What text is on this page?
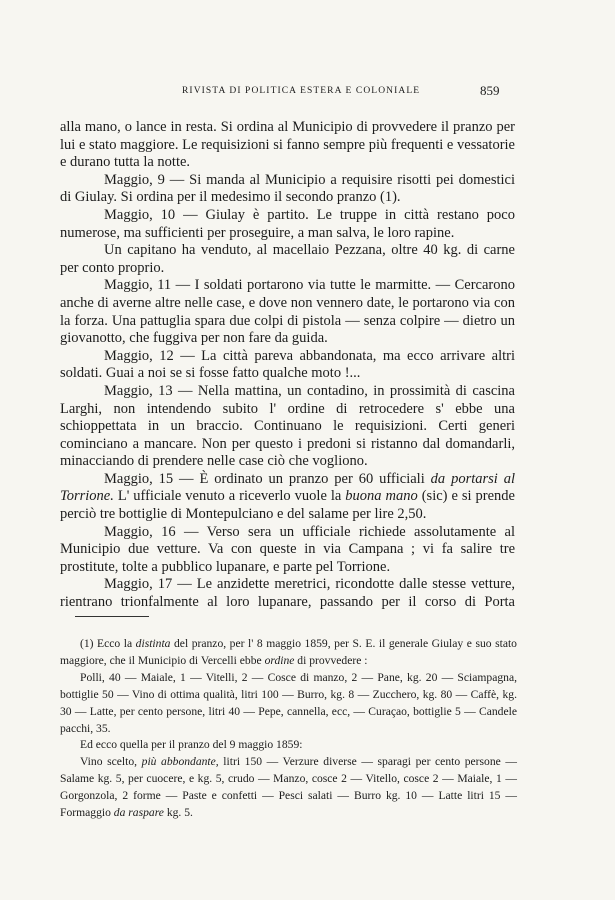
RIVISTA DI POLITICA ESTERA E COLONIALE	859

alla mano, o lance in resta. Si ordina al Municipio di provvedere il pranzo per lui e stato maggiore. Le requisizioni si fanno sempre più frequenti e vessatorie e durano tutta la notte.

Maggio, 9 — Si manda al Municipio a requisire risotti pei domestici di Giulay. Si ordina per il medesimo il secondo pranzo (1).

Maggio, 10 — Giulay è partito. Le truppe in città restano poco numerose, ma sufficienti per proseguire, a man salva, le loro rapine.

Un capitano ha venduto, al macellaio Pezzana, oltre 40 kg. di carne per conto proprio.

Maggio, 11 — I soldati portarono via tutte le marmitte. — Cercarono anche di averne altre nelle case, e dove non vennero date, le portarono via con la forza. Una pattuglia spara due colpi di pistola — senza colpire — dietro un giovanotto, che fuggiva per non fare da guida.

Maggio, 12 — La città pareva abbandonata, ma ecco arrivare altri soldati. Guai a noi se si fosse fatto qualche moto !...

Maggio, 13 — Nella mattina, un contadino, in prossimità di cascina Larghi, non intendendo subito l' ordine di retrocedere s' ebbe una schioppettata in un braccio. Continuano le requisizioni. Certi generi cominciano a mancare. Non per questo i predoni si ristanno dal domandarli, minacciando di prendere nelle case ciò che vogliono.

Maggio, 15 — È ordinato un pranzo per 60 ufficiali da portarsi al Torrione. L' ufficiale venuto a riceverlo vuole la buona mano (sic) e si prende perciò tre bottiglie di Montepulciano e del salame per lire 2,50.

Maggio, 16 — Verso sera un ufficiale richiede assolutamente al Municipio due vetture. Va con queste in via Campana ; vi fa salire tre prostitute, tolte a pubblico lupanare, e parte pel Torrione.

Maggio, 17 — Le anzidette meretrici, ricondotte dalle stesse vetture, rientrano trionfalmente al loro lupanare, passando per il corso di Porta

(1) Ecco la distinta del pranzo, per l' 8 maggio 1859, per S. E. il generale Giulay e suo stato maggiore, che il Municipio di Vercelli ebbe ordine di provvedere :

Polli, 40 — Maiale, 1 — Vitelli, 2 — Cosce di manzo, 2 — Pane, kg. 20 — Sciampagna, bottiglie 50 — Vino di ottima qualità, litri 100 — Burro, kg. 8 — Zucchero, kg. 80 — Caffè, kg. 30 — Latte, per cento persone, litri 40 — Pepe, cannella, ecc, — Curaçao, bottiglie 5 — Candele pacchi, 35.

Ed ecco quella per il pranzo del 9 maggio 1859:

Vino scelto, più abbondante, litri 150 — Verzure diverse — sparagi per cento persone — Salame kg. 5, per cuocere, e kg. 5, crudo — Manzo, cosce 2 — Vitello, cosce 2 — Maiale, 1 — Gorgonzola, 2 forme — Paste e confetti — Pesci salati — Burro kg. 10 — Latte litri 15 — Formaggio da raspare kg. 5.
